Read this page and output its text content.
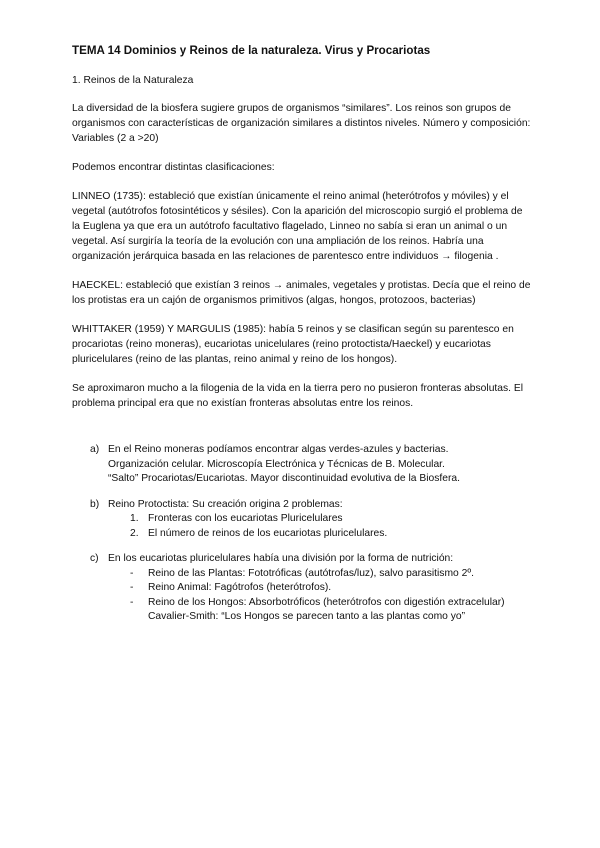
TEMA 14 Dominios y Reinos de la naturaleza. Virus y Procariotas
1. Reinos de la Naturaleza

La diversidad de la biosfera sugiere grupos de organismos “similares”. Los reinos son grupos de organismos con características de organización similares a distintos niveles. Número y composición: Variables (2 a >20)

Podemos encontrar distintas clasificaciones:

LINNEO (1735): estableció que existían únicamente el reino animal (heterótrofos y móviles) y el vegetal (autótrofos fotosintéticos y sésiles). Con la aparición del microscopio surgió el problema de la Euglena ya que era un autótrofo facultativo flagelado, Linneo no sabía si eran un animal o un vegetal. Así surgiría la teoría de la evolución con una ampliación de los reinos. Habría una organización jerárquica basada en las relaciones de parentesco entre individuos → filogenia .

HAECKEL: estableció que existían 3 reinos → animales, vegetales y protistas. Decía que el reino de los protistas era un cajón de organismos primitivos (algas, hongos, protozoos, bacterias)

WHITTAKER (1959) Y MARGULIS (1985): había 5 reinos y se clasifican según su parentesco en procariotas (reino moneras), eucariotas unicelulares (reino protoctista/Haeckel) y eucariotas pluricelulares (reino de las plantas, reino animal y reino de los hongos).

Se aproximaron mucho a la filogenia de la vida en la tierra pero no pusieron fronteras absolutas. El problema principal era que no existían fronteras absolutas entre los reinos.

a) En el Reino moneras podíamos encontrar algas verdes-azules y bacterias.
Organización celular. Microscopía Electrónica y Técnicas de B. Molecular.
“Salto” Procariotas/Eucariotas. Mayor discontinuidad evolutiva de la Biosfera.
b) Reino Protoctista: Su creación origina 2 problemas:
1. Fronteras con los eucariotas Pluricelulares
2. El número de reinos de los eucariotas pluricelulares.
c) En los eucariotas pluricelulares había una división por la forma de nutrición:
- Reino de las Plantas: Fototróficas (autótrofas/luz), salvo parasitismo 2º.
- Reino Animal: Fagótrofos (heterótrofos).
- Reino de los Hongos: Absorbotróficos (heterótrofos con digestión extracelular)
Cavalier-Smith: “Los Hongos se parecen tanto a las plantas como yo”
